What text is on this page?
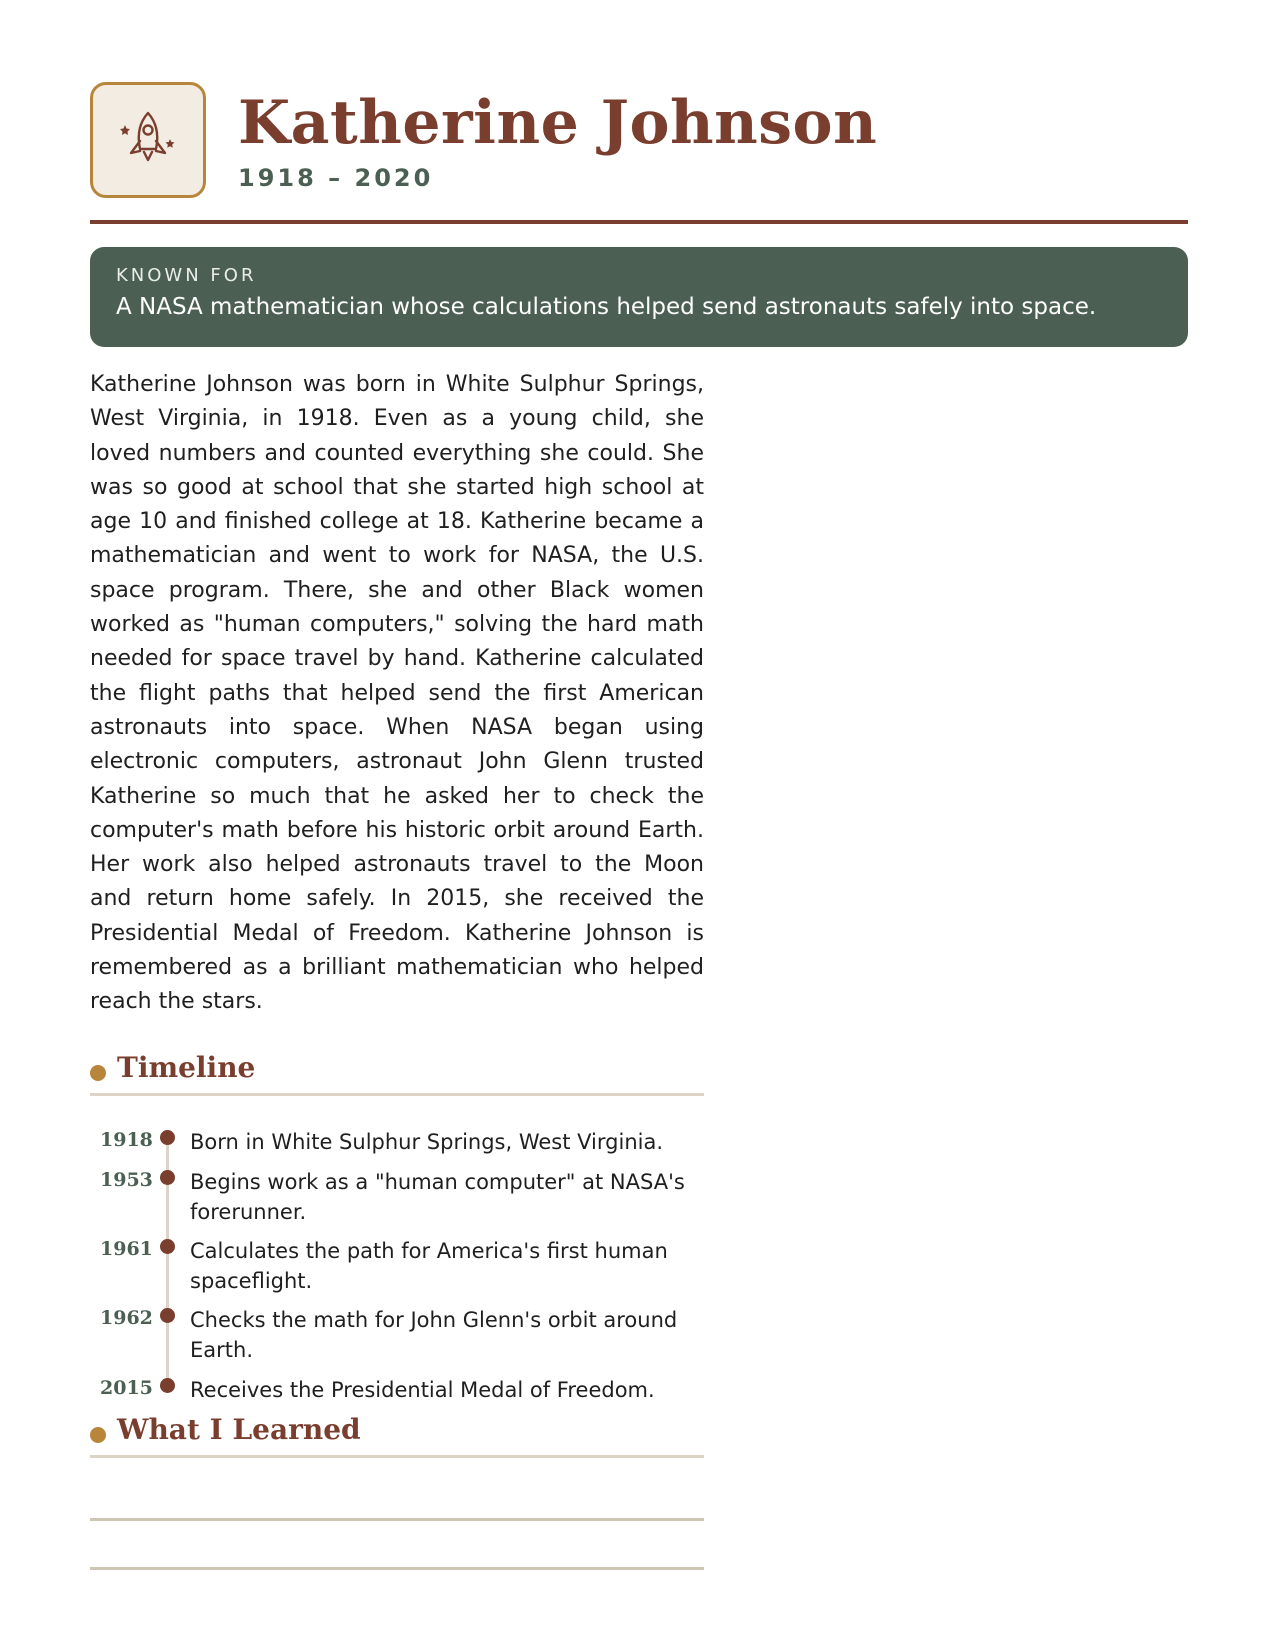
Katherine Johnson
1918 – 2020
KNOWN FOR
A NASA mathematician whose calculations helped send astronauts safely into space.

Katherine Johnson was born in White Sulphur Springs, West Virginia, in 1918. Even as a young child, she loved numbers and counted everything she could. She was so good at school that she started high school at age 10 and finished college at 18. Katherine became a mathematician and went to work for NASA, the U.S. space program. There, she and other Black women worked as "human computers," solving the hard math needed for space travel by hand. Katherine calculated the flight paths that helped send the first American astronauts into space. When NASA began using electronic computers, astronaut John Glenn trusted Katherine so much that he asked her to check the computer's math before his historic orbit around Earth. Her work also helped astronauts travel to the Moon and return home safely. In 2015, she received the Presidential Medal of Freedom. Katherine Johnson is remembered as a brilliant mathematician who helped reach the stars.

Timeline
1918 Born in White Sulphur Springs, West Virginia.
1953 Begins work as a "human computer" at NASA's forerunner.
1961 Calculates the path for America's first human spaceflight.
1962 Checks the math for John Glenn's orbit around Earth.
2015 Receives the Presidential Medal of Freedom.
What I Learned
